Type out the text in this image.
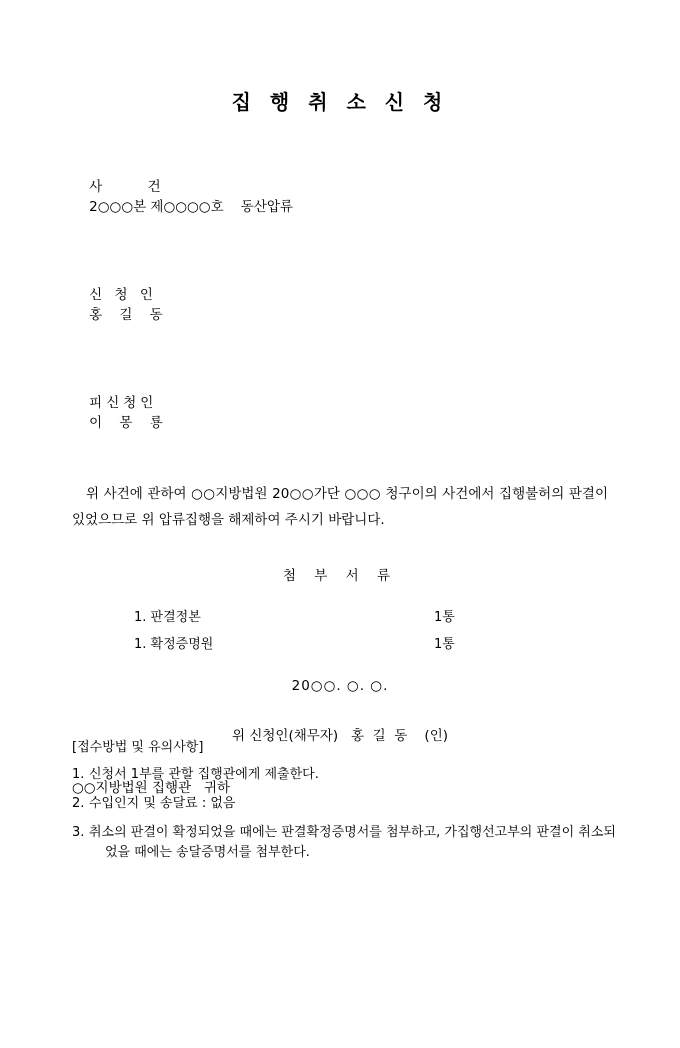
집 행 취 소 신 청

사     건
2○○○본 제○○○○호    동산압류

신 청 인
홍    길    동

피신청인
이    몽    룡

위 사건에 관하여 ○○지방법원 20○○가단 ○○○ 청구이의 사건에서 집행불허의 판결이 있었으므로 위 압류집행을 해제하여 주시기 바랍니다.
첨 부 서 류
1. 판결정본	1통
1. 확정증명원	1통
20○○. ○. ○.
위 신청인(채무자)   홍  길  동    (인)
○○지방법원 집행관   귀하
[접수방법 및 유의사항]
1. 신청서 1부를 관할 집행관에게 제출한다.
2. 수입인지 및 송달료 : 없음
3. 취소의 판결이 확정되었을 때에는 판결확정증명서를 첨부하고, 가집행선고부의 판결이 취소되었을 때에는 송달증명서를 첨부한다.
